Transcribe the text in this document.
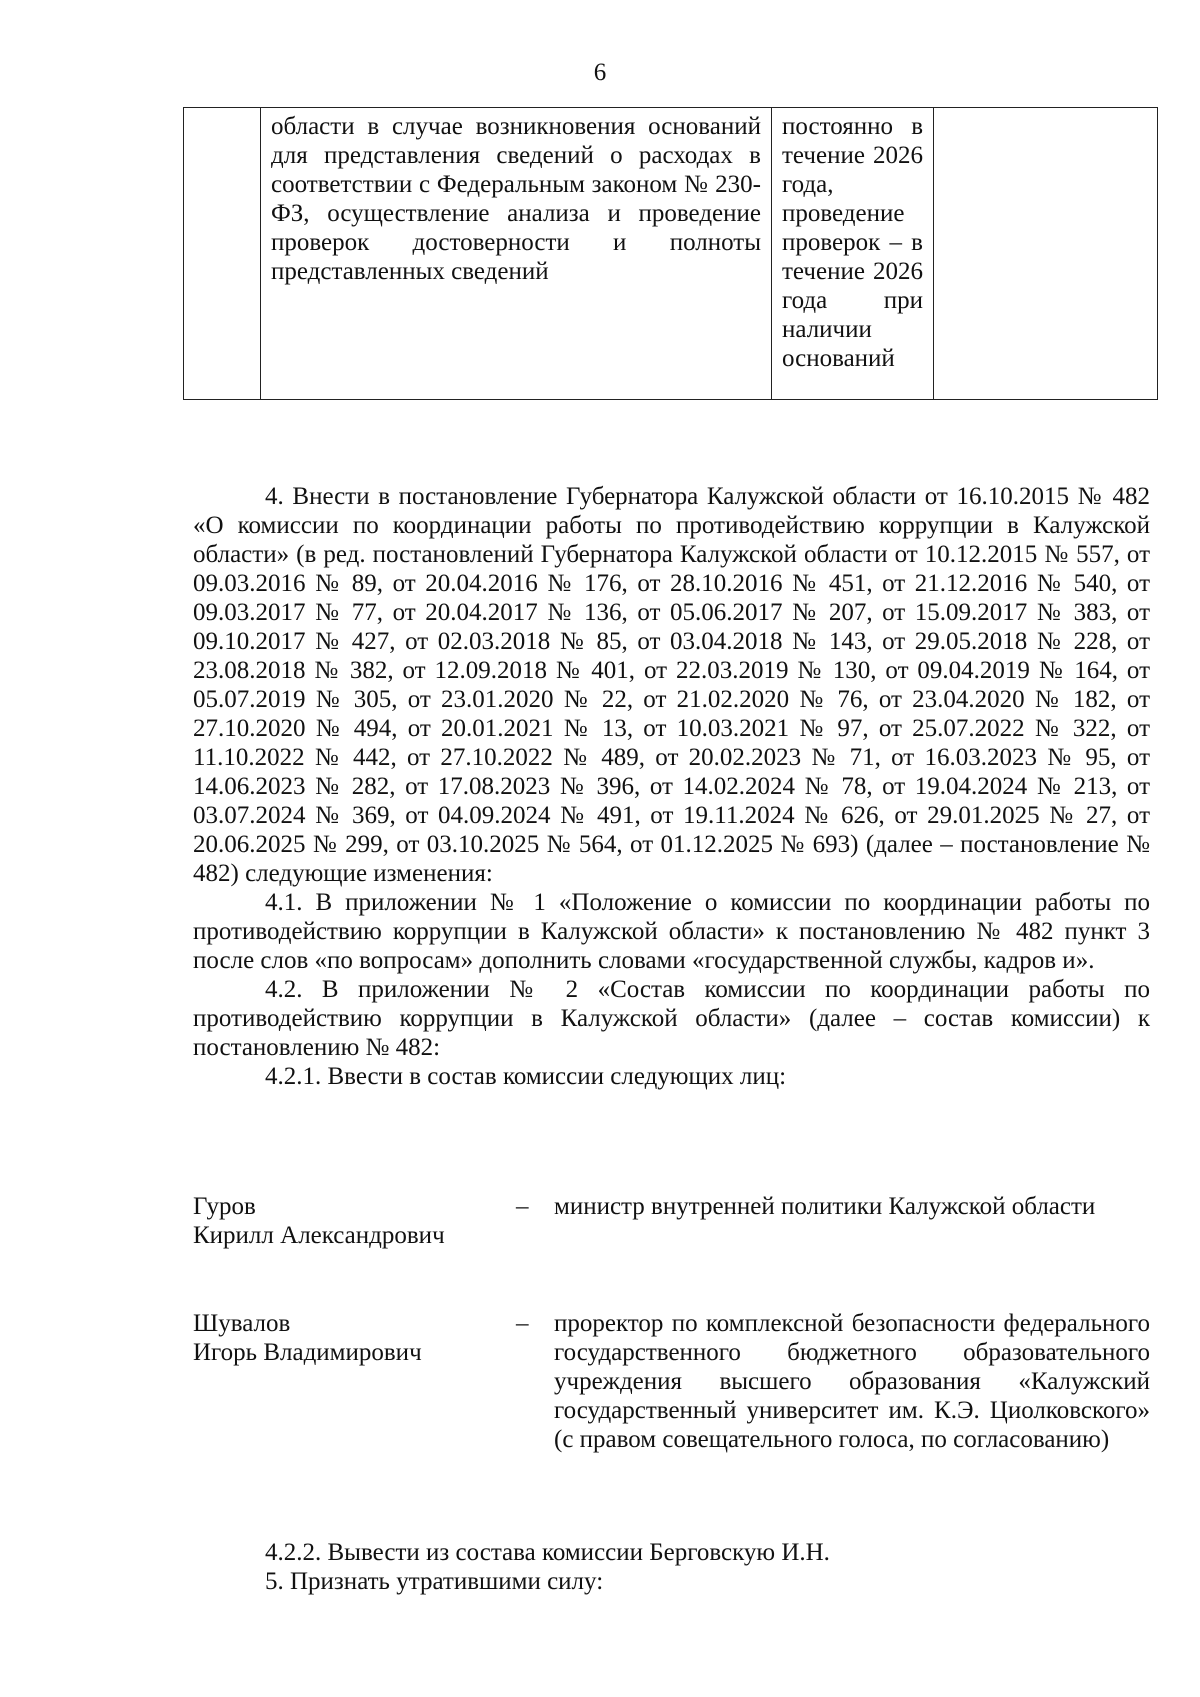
6
	области в случае возникновения оснований для представления сведений о расходах в соответствии с Федеральным законом № 230-ФЗ, осуществление анализа и проведение проверок достоверности и полноты представленных сведений	постоянно в течение 2026 года, проведение проверок – в течение 2026 года при наличии оснований	

4. Внести в постановление Губернатора Калужской области от 16.10.2015 № 482 «О комиссии по координации работы по противодействию коррупции в Калужской области» (в ред. постановлений Губернатора Калужской области от 10.12.2015 № 557, от 09.03.2016 № 89, от 20.04.2016 № 176, от 28.10.2016 № 451, от 21.12.2016 № 540, от 09.03.2017 № 77, от 20.04.2017 № 136, от 05.06.2017 № 207, от 15.09.2017 № 383, от 09.10.2017 № 427, от 02.03.2018 № 85, от 03.04.2018 № 143, от 29.05.2018 № 228, от 23.08.2018 № 382, от 12.09.2018 № 401, от 22.03.2019 № 130, от 09.04.2019 № 164, от 05.07.2019 № 305, от 23.01.2020 № 22, от 21.02.2020 № 76, от 23.04.2020 № 182, от 27.10.2020 № 494, от 20.01.2021 № 13, от 10.03.2021 № 97, от 25.07.2022 № 322, от 11.10.2022 № 442, от 27.10.2022 № 489, от 20.02.2023 № 71, от 16.03.2023 № 95, от 14.06.2023 № 282, от 17.08.2023 № 396, от 14.02.2024 № 78, от 19.04.2024 № 213, от 03.07.2024 № 369, от 04.09.2024 № 491, от 19.11.2024 № 626, от 29.01.2025 № 27, от 20.06.2025 № 299, от 03.10.2025 № 564, от 01.12.2025 № 693) (далее – постановление № 482) следующие изменения:

4.1. В приложении № 1 «Положение о комиссии по координации работы по противодействию коррупции в Калужской области» к постановлению № 482 пункт 3 после слов «по вопросам» дополнить словами «государственной службы, кадров и».

4.2. В приложении № 2 «Состав комиссии по координации работы по противодействию коррупции в Калужской области» (далее – состав комиссии) к постановлению № 482:

4.2.1. Ввести в состав комиссии следующих лиц:

Гуров
Кирилл Александрович
– министр внутренней политики Калужской области
Шувалов
Игорь Владимирович
– проректор по комплексной безопасности федерального государственного бюджетного образовательного учреждения высшего образования «Калужский государственный университет им. К.Э. Циолковского» (с правом совещательного голоса, по согласованию)

4.2.2. Вывести из состава комиссии Берговскую И.Н.

5. Признать утратившими силу:
